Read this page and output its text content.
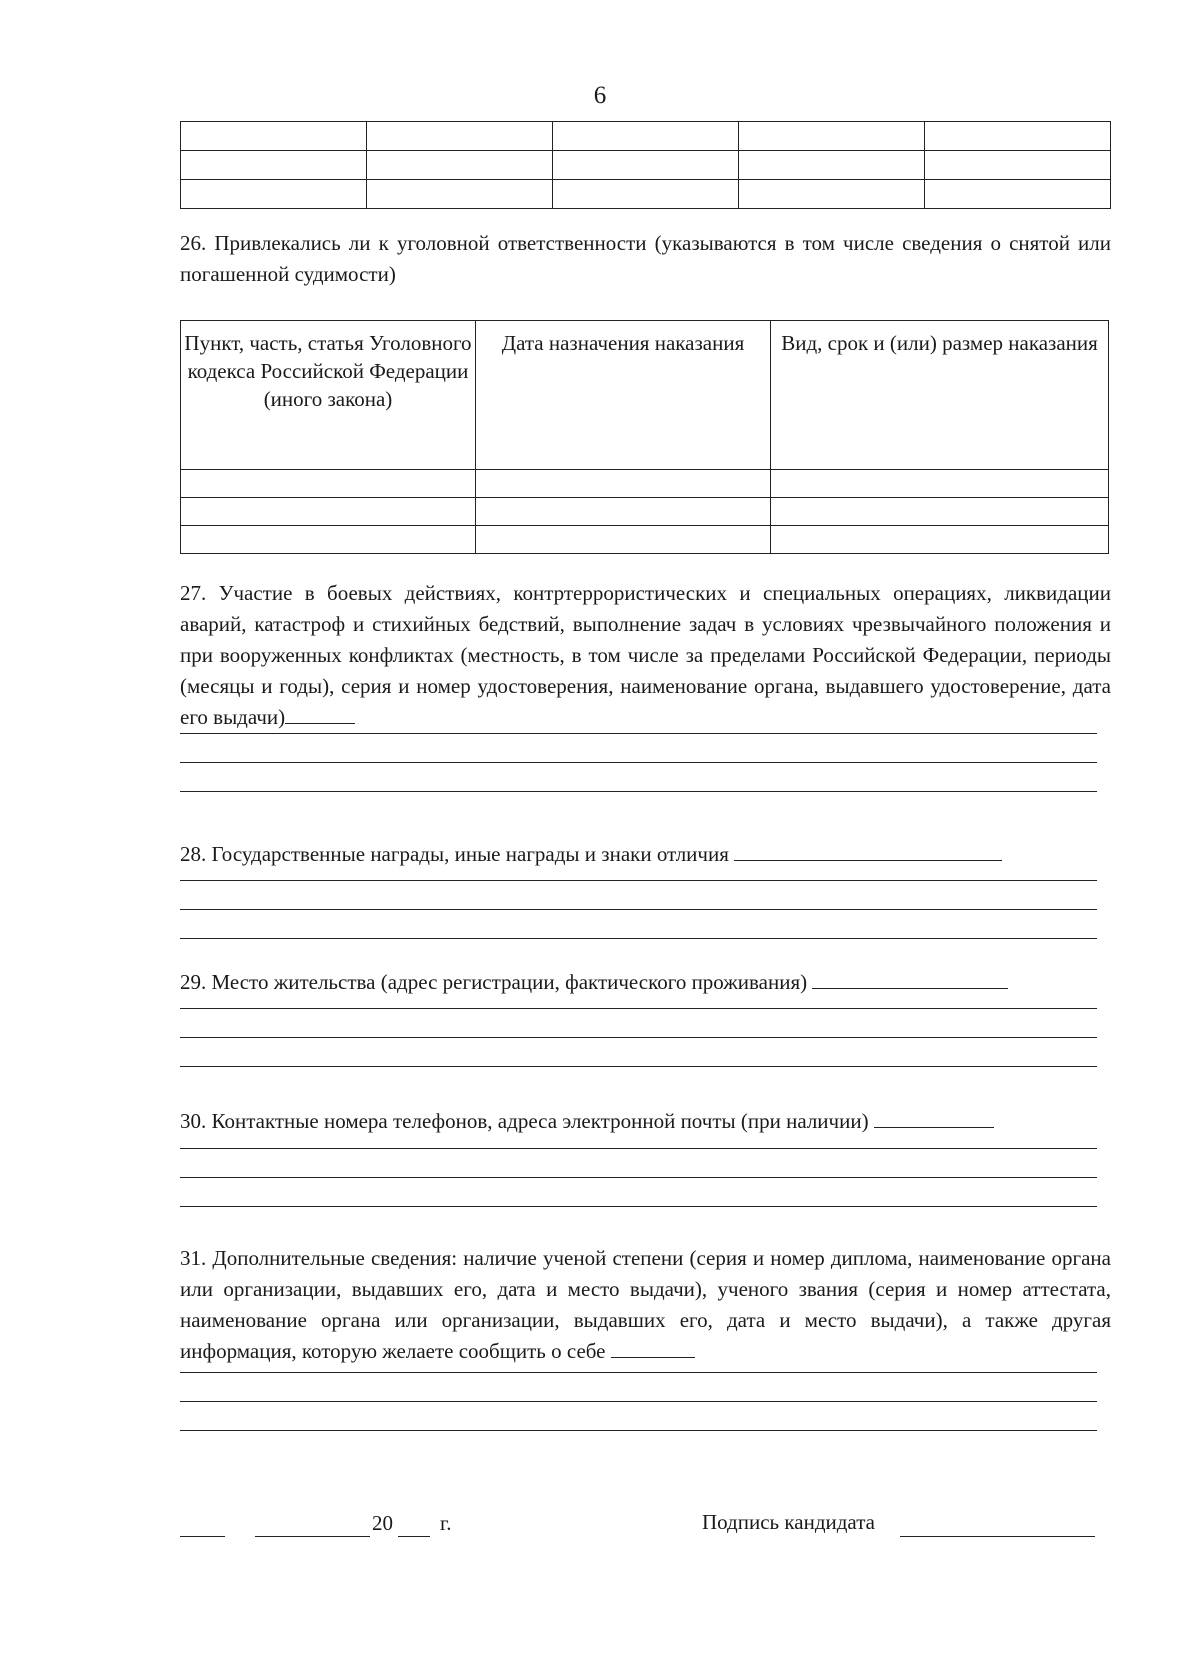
6

26. Привлекались ли к уголовной ответственности (указываются в том числе сведения о снятой или погашенной судимости)
Пункт, часть, статья Уголовного кодекса Российской Федерации (иного закона)	Дата назначения наказания	Вид, срок и (или) размер наказания

27. Участие в боевых действиях, контртеррористических и специальных операциях, ликвидации аварий, катастроф и стихийных бедствий, выполнение задач в условиях чрезвычайного положения и при вооруженных конфликтах (местность, в том числе за пределами Российской Федерации, периоды (месяцы и годы), серия и номер удостоверения, наименование органа, выдавшего удостоверение, дата его выдачи)
28. Государственные награды, иные награды и знаки отличия
29. Место жительства (адрес регистрации, фактического проживания)
30. Контактные номера телефонов, адреса электронной почты (при наличии)
31. Дополнительные сведения: наличие ученой степени (серия и номер диплома, наименование органа или организации, выдавших его, дата и место выдачи), ученого звания (серия и номер аттестата, наименование органа или организации, выдавших его, дата и место выдачи), а также другая информация, которую желаете сообщить о себе
20 г.	Подпись кандидата
